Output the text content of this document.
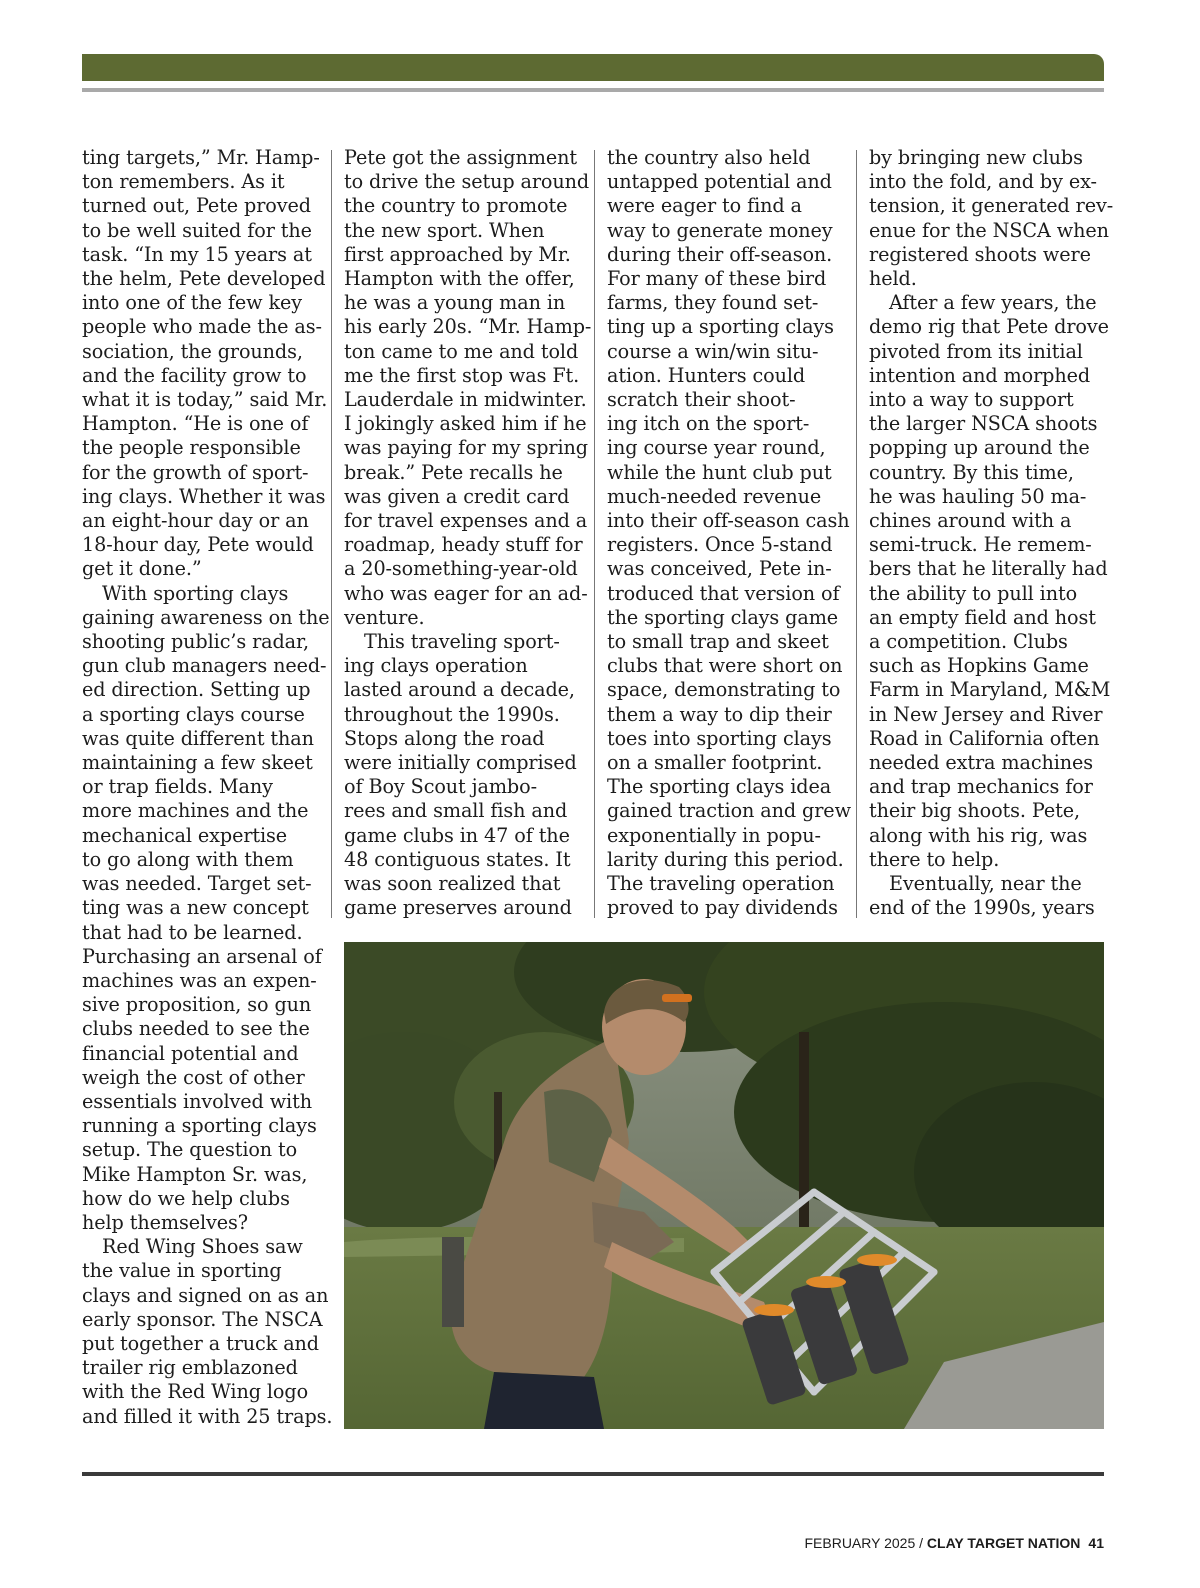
ting targets,” Mr. Hamp-

ton remembers. As it

turned out, Pete proved

to be well suited for the

task. “In my 15 years at

the helm, Pete developed

into one of the few key

people who made the as-

sociation, the grounds,

and the facility grow to

what it is today,” said Mr.

Hampton. “He is one of

the people responsible

for the growth of sport-

ing clays. Whether it was

an eight-hour day or an

18-hour day, Pete would

get it done.”

With sporting clays

gaining awareness on the

shooting public’s radar,

gun club managers need-

ed direction. Setting up

a sporting clays course

was quite different than

maintaining a few skeet

or trap fields. Many

more machines and the

mechanical expertise

to go along with them

was needed. Target set-

ting was a new concept

that had to be learned.

Purchasing an arsenal of

machines was an expen-

sive proposition, so gun

clubs needed to see the

financial potential and

weigh the cost of other

essentials involved with

running a sporting clays

setup. The question to

Mike Hampton Sr. was,

how do we help clubs

help themselves?

Red Wing Shoes saw

the value in sporting

clays and signed on as an

early sponsor. The NSCA

put together a truck and

trailer rig emblazoned

with the Red Wing logo

and filled it with 25 traps.

Pete got the assignment

to drive the setup around

the country to promote

the new sport. When

first approached by Mr.

Hampton with the offer,

he was a young man in

his early 20s. “Mr. Hamp-

ton came to me and told

me the first stop was Ft.

Lauderdale in midwinter.

I jokingly asked him if he

was paying for my spring

break.” Pete recalls he

was given a credit card

for travel expenses and a

roadmap, heady stuff for

a 20-something-year-old

who was eager for an ad-

venture.

This traveling sport-

ing clays operation

lasted around a decade,

throughout the 1990s.

Stops along the road

were initially comprised

of Boy Scout jambo-

rees and small fish and

game clubs in 47 of the

48 contiguous states. It

was soon realized that

game preserves around

the country also held

untapped potential and

were eager to find a

way to generate money

during their off-season.

For many of these bird

farms, they found set-

ting up a sporting clays

course a win/win situ-

ation. Hunters could

scratch their shoot-

ing itch on the sport-

ing course year round,

while the hunt club put

much-needed revenue

into their off-season cash

registers. Once 5-stand

was conceived, Pete in-

troduced that version of

the sporting clays game

to small trap and skeet

clubs that were short on

space, demonstrating to

them a way to dip their

toes into sporting clays

on a smaller footprint.

The sporting clays idea

gained traction and grew

exponentially in popu-

larity during this period.

The traveling operation

proved to pay dividends

by bringing new clubs

into the fold, and by ex-

tension, it generated rev-

enue for the NSCA when

registered shoots were

held.

After a few years, the

demo rig that Pete drove

pivoted from its initial

intention and morphed

into a way to support

the larger NSCA shoots

popping up around the

country. By this time,

he was hauling 50 ma-

chines around with a

semi-truck. He remem-

bers that he literally had

the ability to pull into

an empty field and host

a competition. Clubs

such as Hopkins Game

Farm in Maryland, M&M

in New Jersey and River

Road in California often

needed extra machines

and trap mechanics for

their big shoots. Pete,

along with his rig, was

there to help.

Eventually, near the

end of the 1990s, years

FEBRUARY 2025 / CLAY TARGET NATION 41
